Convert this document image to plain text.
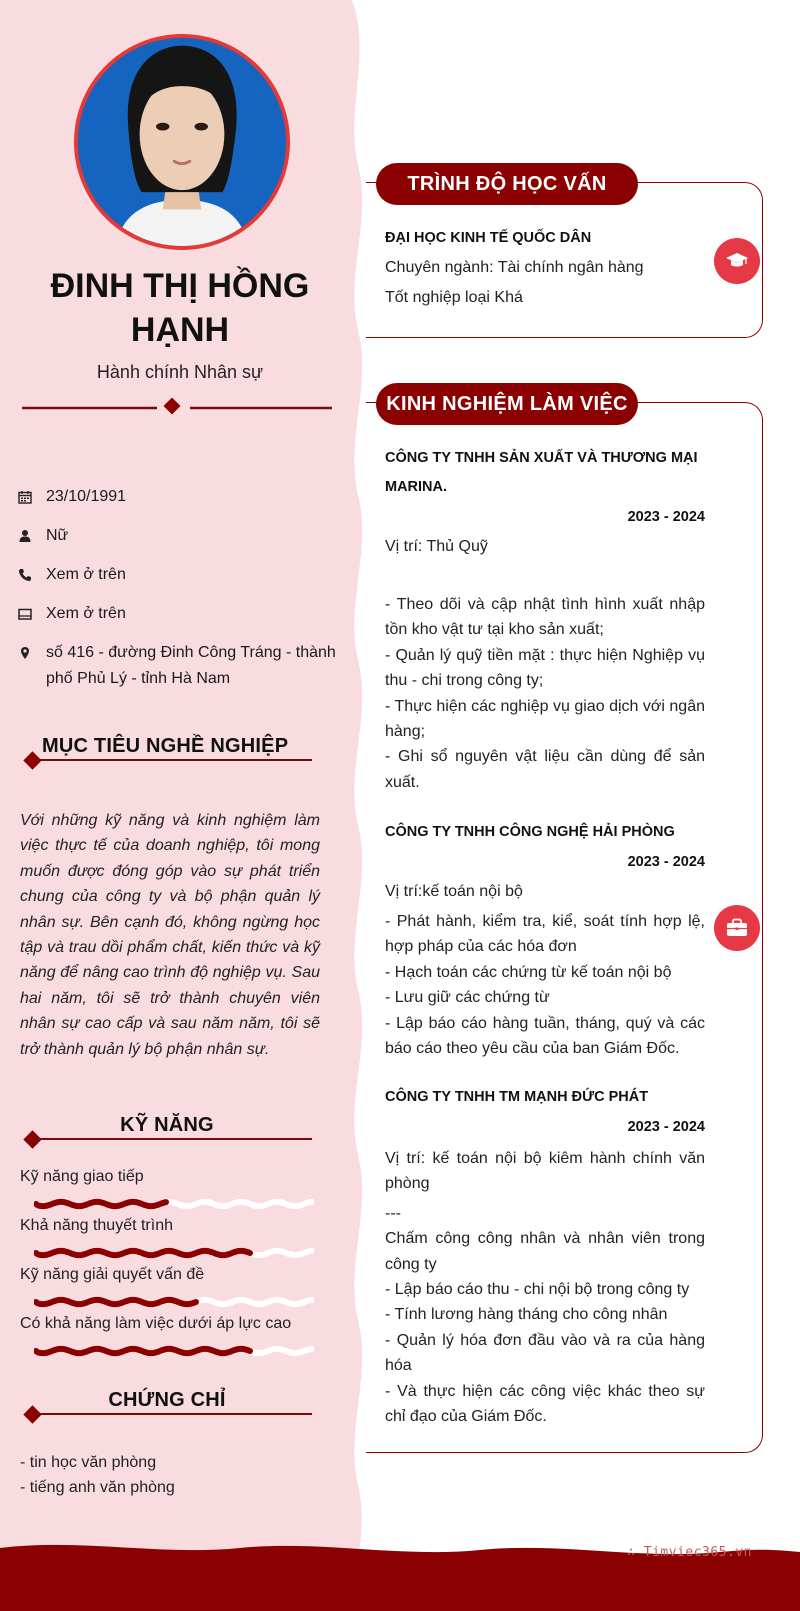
ĐINH THỊ HỒNG HẠNH
Hành chính Nhân sự
23/10/1991
Nữ
Xem ở trên
Xem ở trên
số 416 - đường Đinh Công Tráng - thành phố Phủ Lý - tỉnh Hà Nam
MỤC TIÊU NGHỀ NGHIỆP
Với những kỹ năng và kinh nghiệm làm việc thực tế của doanh nghiệp, tôi mong muốn được đóng góp vào sự phát triển chung của công ty và bộ phận quản lý nhân sự. Bên cạnh đó, không ngừng học tập và trau dồi phẩm chất, kiến thức và kỹ năng để nâng cao trình độ nghiệp vụ. Sau hai năm, tôi sẽ trở thành chuyên viên nhân sự cao cấp và sau năm năm, tôi sẽ trở thành quản lý bộ phận nhân sự.
KỸ NĂNG
Kỹ năng giao tiếp
Khả năng thuyết trình
Kỹ năng giải quyết vấn đề
Có khả năng làm việc dưới áp lực cao
CHỨNG CHỈ
- tin học văn phòng
- tiếng anh văn phòng
TRÌNH ĐỘ HỌC VẤN
ĐẠI HỌC KINH TẾ QUỐC DÂN
Chuyên ngành: Tài chính ngân hàng
Tốt nghiệp loại Khá
KINH NGHIỆM LÀM VIỆC
CÔNG TY TNHH SẢN XUẤT VÀ THƯƠNG MẠI MARINA.
2023 - 2024
Vị trí: Thủ Quỹ
- Theo dõi và cập nhật tình hình xuất nhập tồn kho vật tư tại kho sản xuất;
- Quản lý quỹ tiền mặt : thực hiện Nghiệp vụ thu - chi trong công ty;
- Thực hiện các nghiệp vụ giao dịch với ngân hàng;
- Ghi sổ nguyên vật liệu cần dùng để sản xuất.
CÔNG TY TNHH CÔNG NGHỆ HẢI PHÒNG
2023 - 2024
Vị trí:kế toán nội bộ
- Phát hành, kiểm tra, kiể, soát tính hợp lệ, hợp pháp của các hóa đơn
- Hạch toán các chứng từ kế toán nội bộ
- Lưu giữ các chứng từ
- Lập báo cáo hàng tuần, tháng, quý và các báo cáo theo yêu cầu của ban Giám Đốc.
CÔNG TY TNHH TM MẠNH ĐỨC PHÁT
2023 - 2024
Vị trí: kế toán nội bộ kiêm hành chính văn phòng
---
Chấm công công nhân và nhân viên trong công ty
- Lập báo cáo thu - chi nội bộ trong công ty
- Tính lương hàng tháng cho công nhân
- Quản lý hóa đơn đầu vào và ra của hàng hóa
- Và thực hiện các công việc khác theo sự chỉ đạo của Giám Đốc.
∴ Timviec365.vn
